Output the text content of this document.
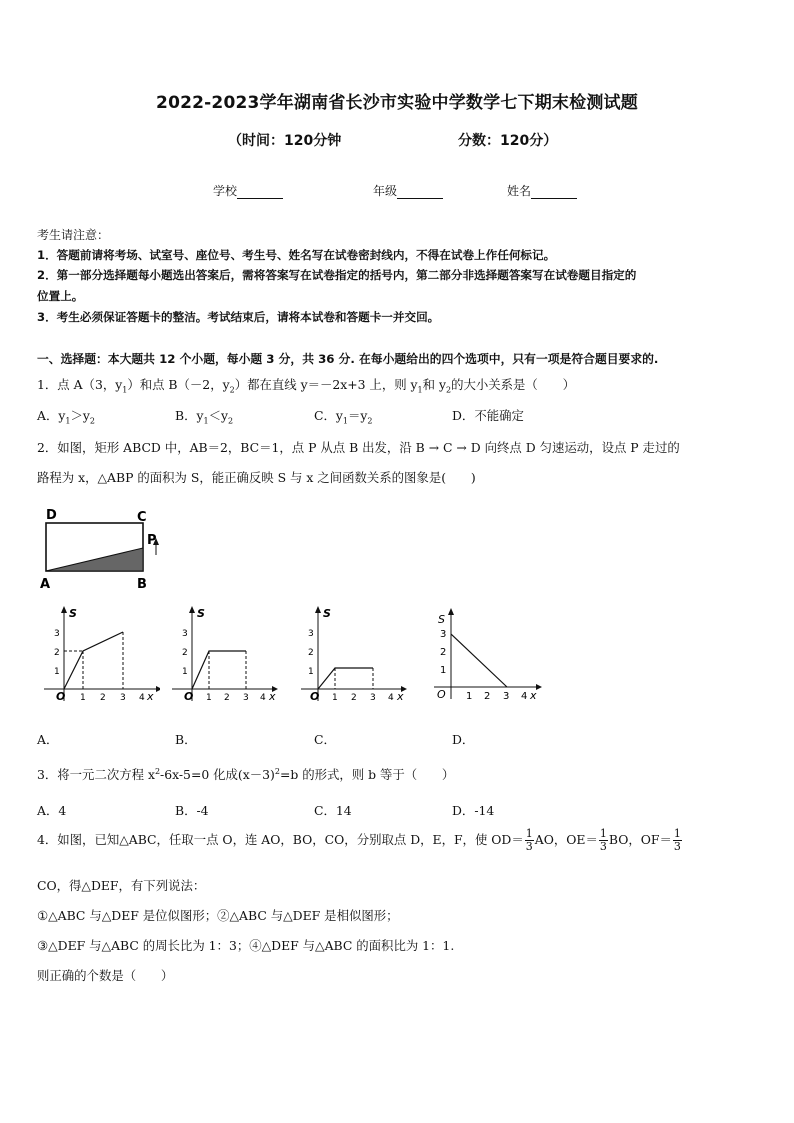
2022-2023学年湖南省长沙市实验中学数学七下期末检测试题
（时间：120分钟	分数：120分）
学校	年级	姓名
考生请注意：
1．答题前请将考场、试室号、座位号、考生号、姓名写在试卷密封线内，不得在试卷上作任何标记。
2．第一部分选择题每小题选出答案后，需将答案写在试卷指定的括号内，第二部分非选择题答案写在试卷题目指定的
位置上。
3．考生必须保证答题卡的整洁。考试结束后，请将本试卷和答题卡一并交回。
一、选择题：本大题共 12 个小题，每小题 3 分，共 36 分. 在每小题给出的四个选项中，只有一项是符合题目要求的.
1．点 A（3，$y_1$）和点 B（－2，$y_2$）都在直线 y＝－2x+3 上，则 $y_1$和 $y_2$的大小关系是（　　）
A．$y_1>y_2$	B．$y_1<y_2$	C．$y_1=y_2$	D．不能确定
2．如图，矩形 ABCD 中，AB＝2，BC＝1，点 P 从点 B 出发，沿 B → C → D 向终点 D 匀速运动，设点 P 走过的
路程为 x，△ABP 的面积为 S，能正确反映 S 与 x 之间函数关系的图象是(　　)
D	C
P
A	B
S
O
3
2
1
1 2 3 4 x
S
O
3
2
1
1 2 3 4 x
S
O
3
2
1
1 2 3 4 x
S
O
3
2
1
1 2 3 4 x
A．	B．	C．	D．
3．将一元二次方程 $x^2-6x-5=0$ 化成$(x-3)^2=b$ 的形式，则 b 等于（　　）
A．4	B．-4	C．14	D．-14
4．如图，已知△ABC，任取一点 O，连 AO，BO，CO，分别取点 D，E，F，使 $OD= \frac{1}{3}$ AO，$OE= \frac{1}{3}$ BO，$OF= \frac{1}{3}$
CO，得△DEF，有下列说法：
①△ABC 与△DEF 是位似图形；②△ABC 与△DEF 是相似图形；
③△DEF 与△ABC 的周长比为 1：3；④△DEF 与△ABC 的面积比为 1：1.
则正确的个数是（　　）
